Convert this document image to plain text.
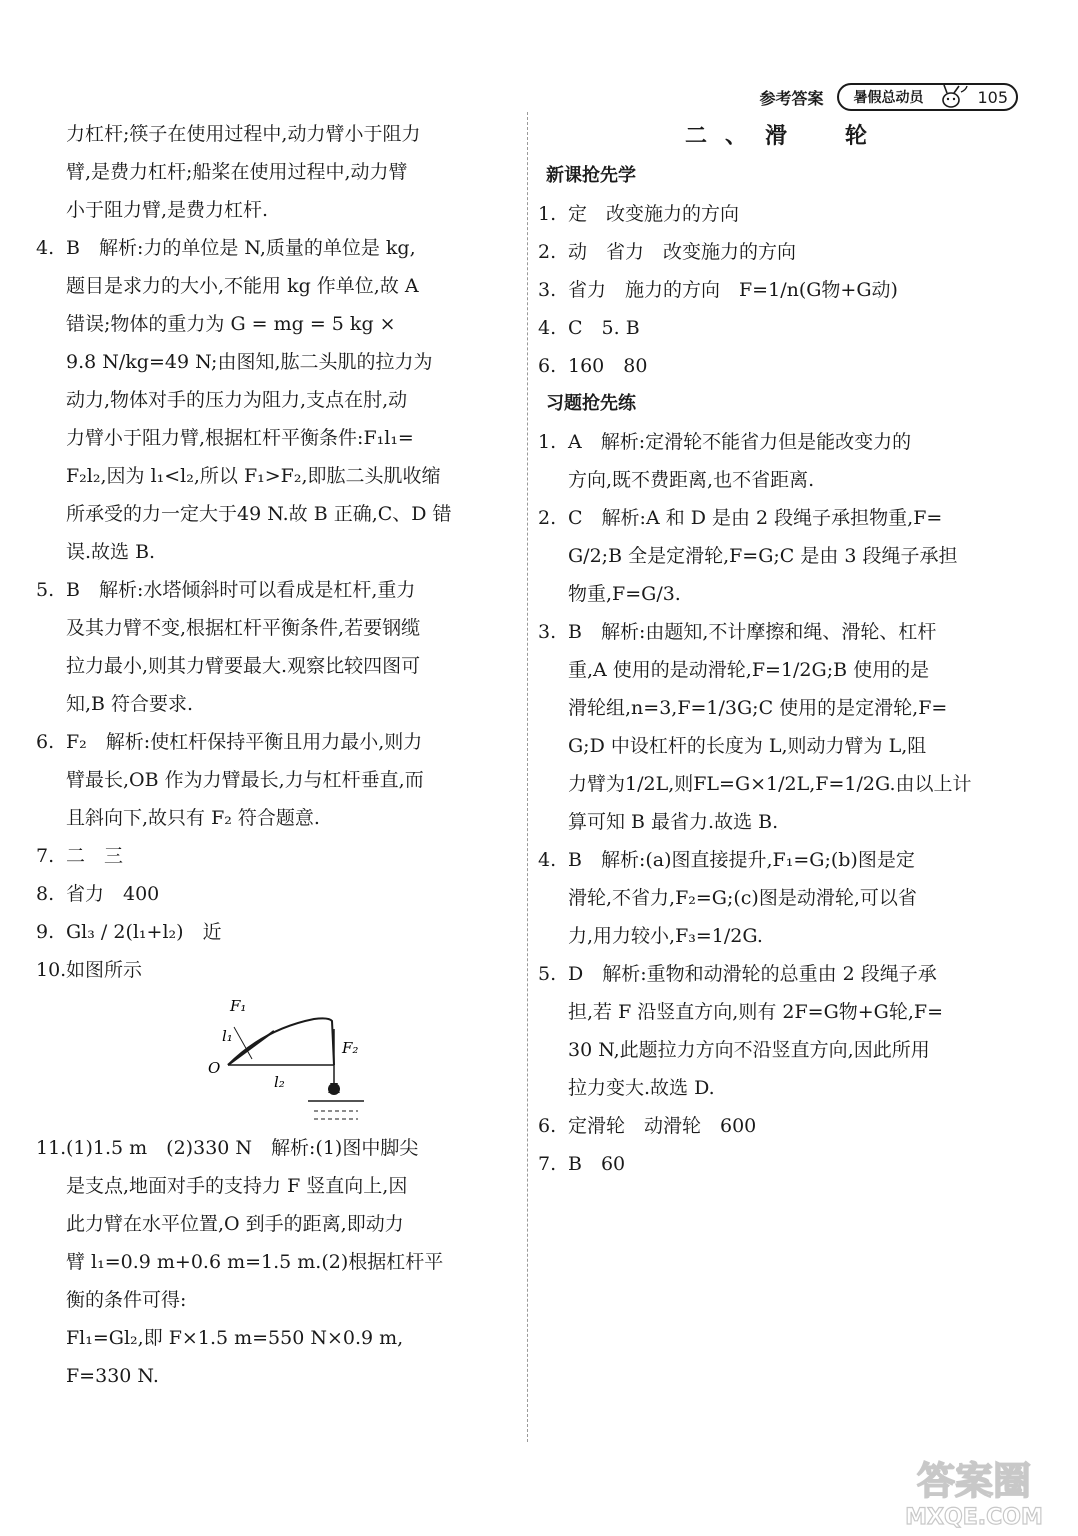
参考答案 暑假总动员	105

力杠杆;筷子在使用过程中,动力臂小于阻力

臂,是费力杠杆;船桨在使用过程中,动力臂

小于阻力臂,是费力杠杆.

4. B　解析:力的单位是 N,质量的单位是 kg,
题目是求力的大小,不能用 kg 作单位,故 A
错误;物体的重力为 G = mg = 5 kg ×
9.8 N/kg=49 N;由图知,肱二头肌的拉力为
动力,物体对手的压力为阻力,支点在肘,动
力臂小于阻力臂,根据杠杆平衡条件:F₁l₁=
F₂l₂,因为 l₁<l₂,所以 F₁>F₂,即肱二头肌收缩
所承受的力一定大于49 N.故 B 正确,C、D 错
误.故选 B.
5. B　解析:水塔倾斜时可以看成是杠杆,重力
及其力臂不变,根据杠杆平衡条件,若要钢缆
拉力最小,则其力臂要最大.观察比较四图可
知,B 符合要求.
6. F₂　解析:使杠杆保持平衡且用力最小,则力
臂最长,OB 作为力臂最长,力与杠杆垂直,而
且斜向下,故只有 F₂ 符合题意.
7. 二　三
8. 省力　400
9. Gl₃ / 2(l₁+l₂)　近
10. 如图所示
F₁
l₁
O
l₂
F₂
11. (1)1.5 m　(2)330 N　解析:(1)图中脚尖
是支点,地面对手的支持力 F 竖直向上,因
此力臂在水平位置,O 到手的距离,即动力
臂 l₁=0.9 m+0.6 m=1.5 m.(2)根据杠杆平
衡的条件可得:
Fl₁=Gl₂,即 F×1.5 m=550 N×0.9 m,
F=330 N.
二、滑　轮

新课抢先学

1. 定　改变施力的方向
2. 动　省力　改变施力的方向
3. 省力　施力的方向　F=1/n(G物+G动)
4. C　5. B
6. 160　80

习题抢先练

1. A　解析:定滑轮不能省力但是能改变力的
方向,既不费距离,也不省距离.
2. C　解析:A 和 D 是由 2 段绳子承担物重,F=
G/2;B 全是定滑轮,F=G;C 是由 3 段绳子承担
物重,F=G/3.
3. B　解析:由题知,不计摩擦和绳、滑轮、杠杆
重,A 使用的是动滑轮,F=1/2G;B 使用的是
滑轮组,n=3,F=1/3G;C 使用的是定滑轮,F=
G;D 中设杠杆的长度为 L,则动力臂为 L,阻
力臂为1/2L,则FL=G×1/2L,F=1/2G.由以上计
算可知 B 最省力.故选 B.
4. B　解析:(a)图直接提升,F₁=G;(b)图是定
滑轮,不省力,F₂=G;(c)图是动滑轮,可以省
力,用力较小,F₃=1/2G.
5. D　解析:重物和动滑轮的总重由 2 段绳子承
担,若 F 沿竖直方向,则有 2F=G物+G轮,F=
30 N,此题拉力方向不沿竖直方向,因此所用
拉力变大.故选 D.
6. 定滑轮　动滑轮　600
7. B　60
答案圈
MXQE.COM
